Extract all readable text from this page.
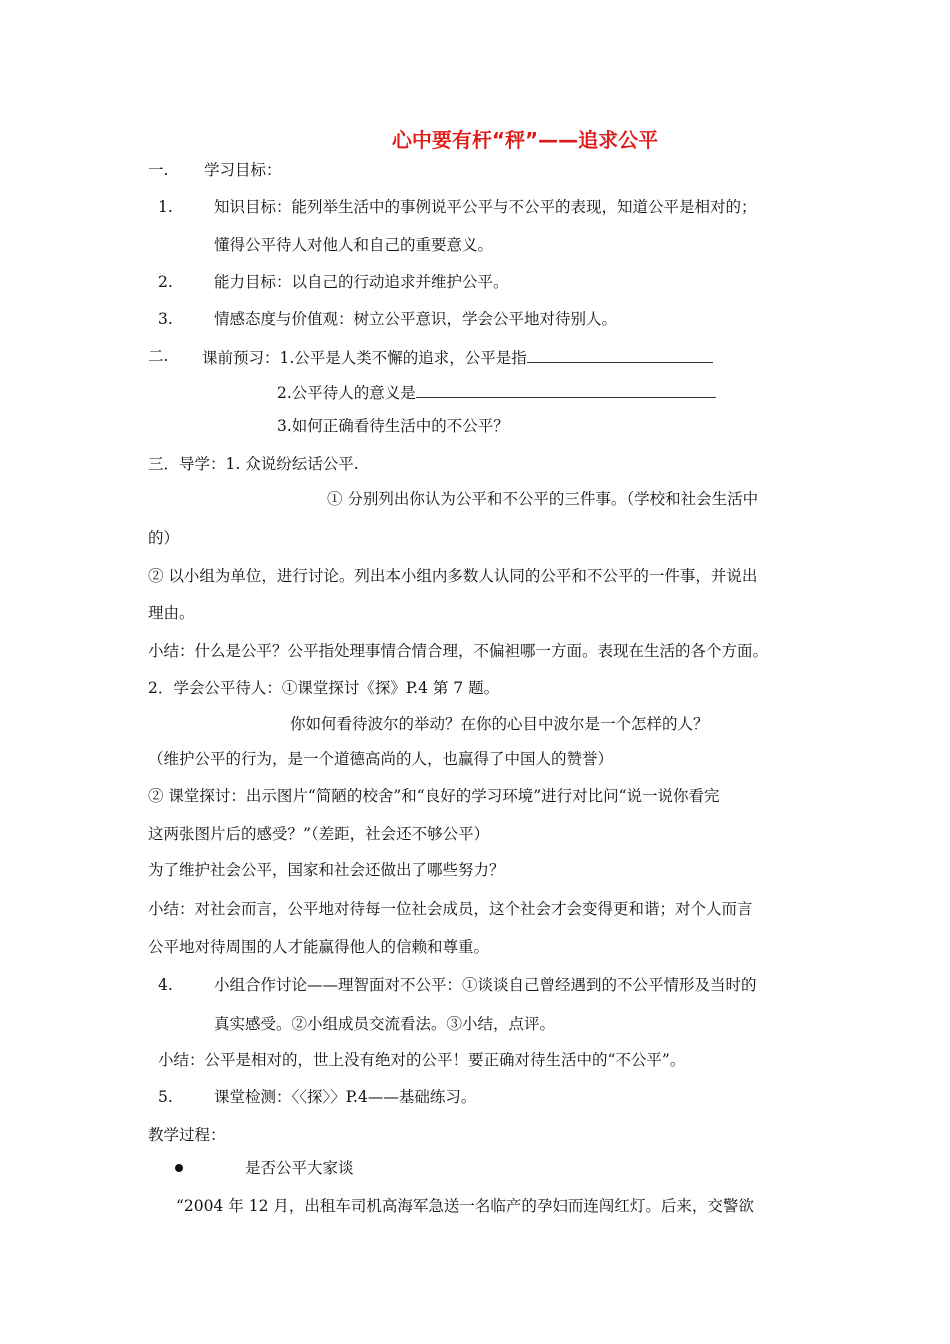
心中要有杆“秤”——追求公平
一. 学习目标：
1.	知识目标：能列举生活中的事例说平公平与不公平的表现，知道公平是相对的；
懂得公平待人对他人和自己的重要意义。
2.	能力目标：以自己的行动追求并维护公平。
3.	情感态度与价值观：树立公平意识，学会公平地对待别人。
二. 课前预习：1.公平是人类不懈的追求，公平是指
2.公平待人的意义是
3.如何正确看待生活中的不公平？
三．导学：1. 众说纷纭话公平.
① 分别列出你认为公平和不公平的三件事。（学校和社会生活中
的）
② 以小组为单位，进行讨论。列出本小组内多数人认同的公平和不公平的一件事，并说出
理由。
小结：什么是公平？公平指处理事情合情合理，不偏袒哪一方面。表现在生活的各个方面。
2．学会公平待人：①课堂探讨《探》P.4 第 7 题。
你如何看待波尔的举动？在你的心目中波尔是一个怎样的人？
（维护公平的行为，是一个道德高尚的人，也赢得了中国人的赞誉）
② 课堂探讨：出示图片“简陋的校舍”和“良好的学习环境”进行对比问“说一说你看完
这两张图片后的感受？”（差距，社会还不够公平）
为了维护社会公平，国家和社会还做出了哪些努力？
小结：对社会而言，公平地对待每一位社会成员，这个社会才会变得更和谐；对个人而言
公平地对待周围的人才能赢得他人的信赖和尊重。
4.	小组合作讨论——理智面对不公平：①谈谈自己曾经遇到的不公平情形及当时的
真实感受。②小组成员交流看法。③小结，点评。
小结：公平是相对的，世上没有绝对的公平！要正确对待生活中的“不公平”。
5.	课堂检测：〈〈探〉〉P.4——基础练习。
教学过程：
是否公平大家谈
“2004 年 12 月，出租车司机高海军急送一名临产的孕妇而连闯红灯。后来，交警欲
